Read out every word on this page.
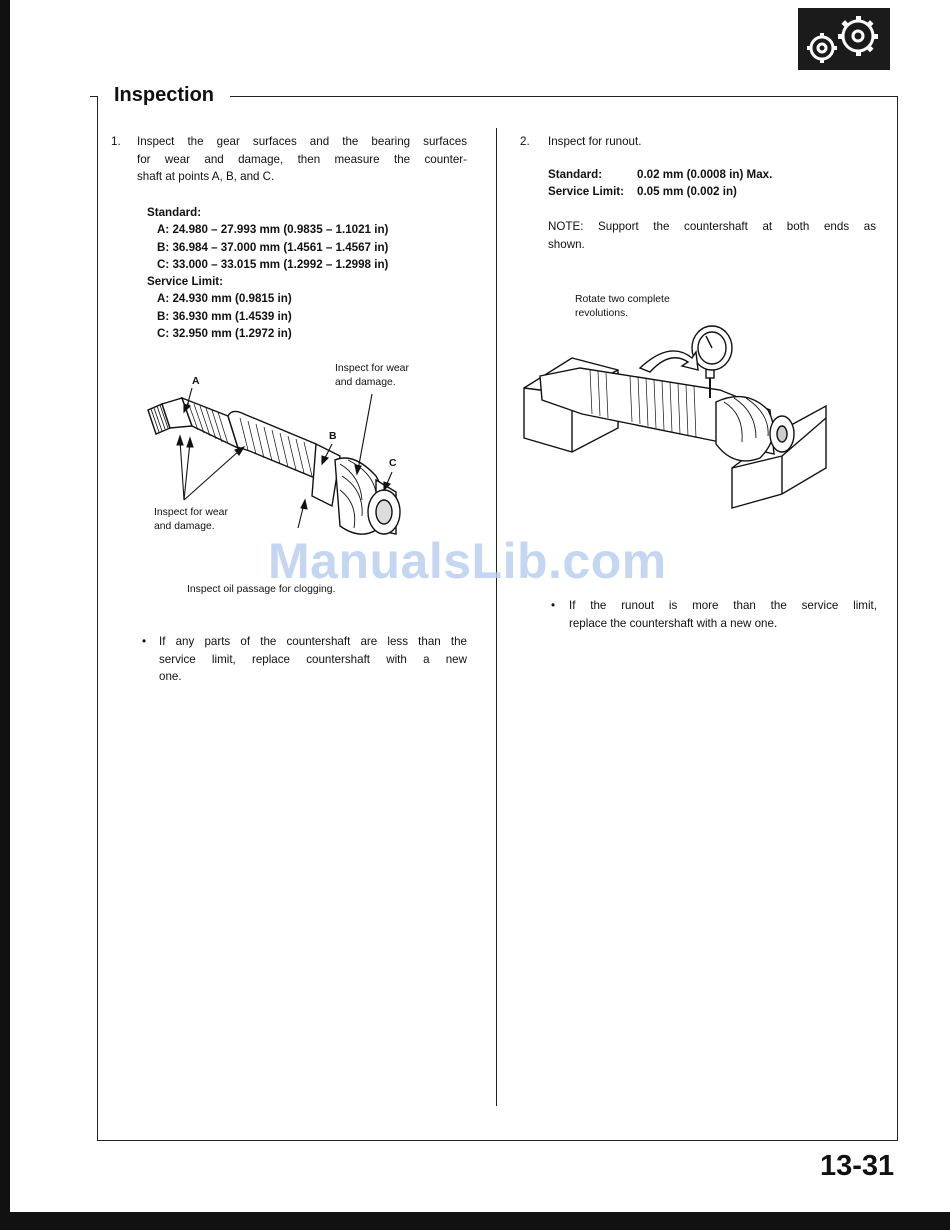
Inspection
1. Inspect the gear surfaces and the bearing surfaces
for wear and damage, then measure the counter-
shaft at points A, B, and C.
Standard:
A: 24.980 – 27.993 mm (0.9835 – 1.1021 in)
B: 36.984 – 37.000 mm (1.4561 – 1.4567 in)
C: 33.000 – 33.015 mm (1.2992 – 1.2998 in)
Service Limit:
A: 24.930 mm (0.9815 in)
B: 36.930 mm (1.4539 in)
C: 32.950 mm (1.2972 in)
A
B
C
Inspect for wear
and damage.
Inspect for wear
and damage.
Inspect oil passage for clogging.
• If any parts of the countershaft are less than the
service limit, replace countershaft with a new
one.
2. Inspect for runout.
Standard:	0.02 mm (0.0008 in) Max.
Service Limit: 0.05 mm (0.002 in)
NOTE: Support the countershaft at both ends as
shown.
Rotate two complete
revolutions.
• If the runout is more than the service limit,
replace the countershaft with a new one.
ManualsLib.com
13-31
